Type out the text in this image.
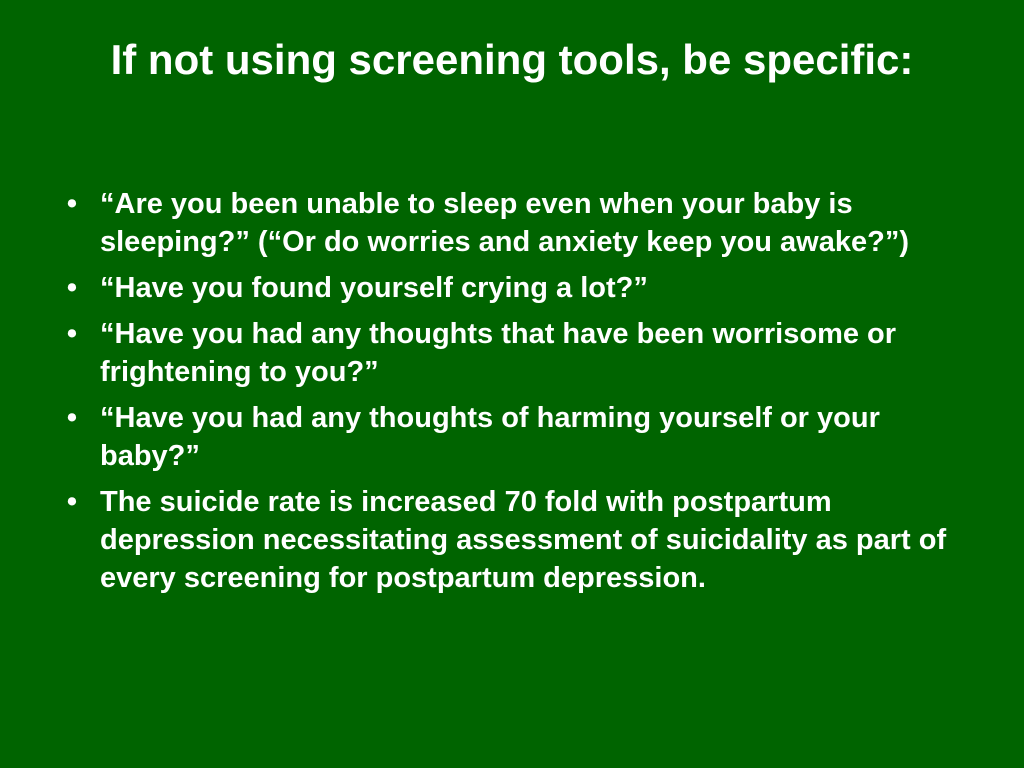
If not using screening tools, be specific:
• “Are you been unable to sleep even when your baby is sleeping?” (“Or do worries and anxiety keep you awake?”)
• “Have you found yourself crying a lot?”
• “Have you had any thoughts that have been worrisome or frightening to you?”
• “Have you had any thoughts of harming yourself or your baby?”
• The suicide rate is increased 70 fold with postpartum depression necessitating assessment of suicidality as part of every screening for postpartum depression.
